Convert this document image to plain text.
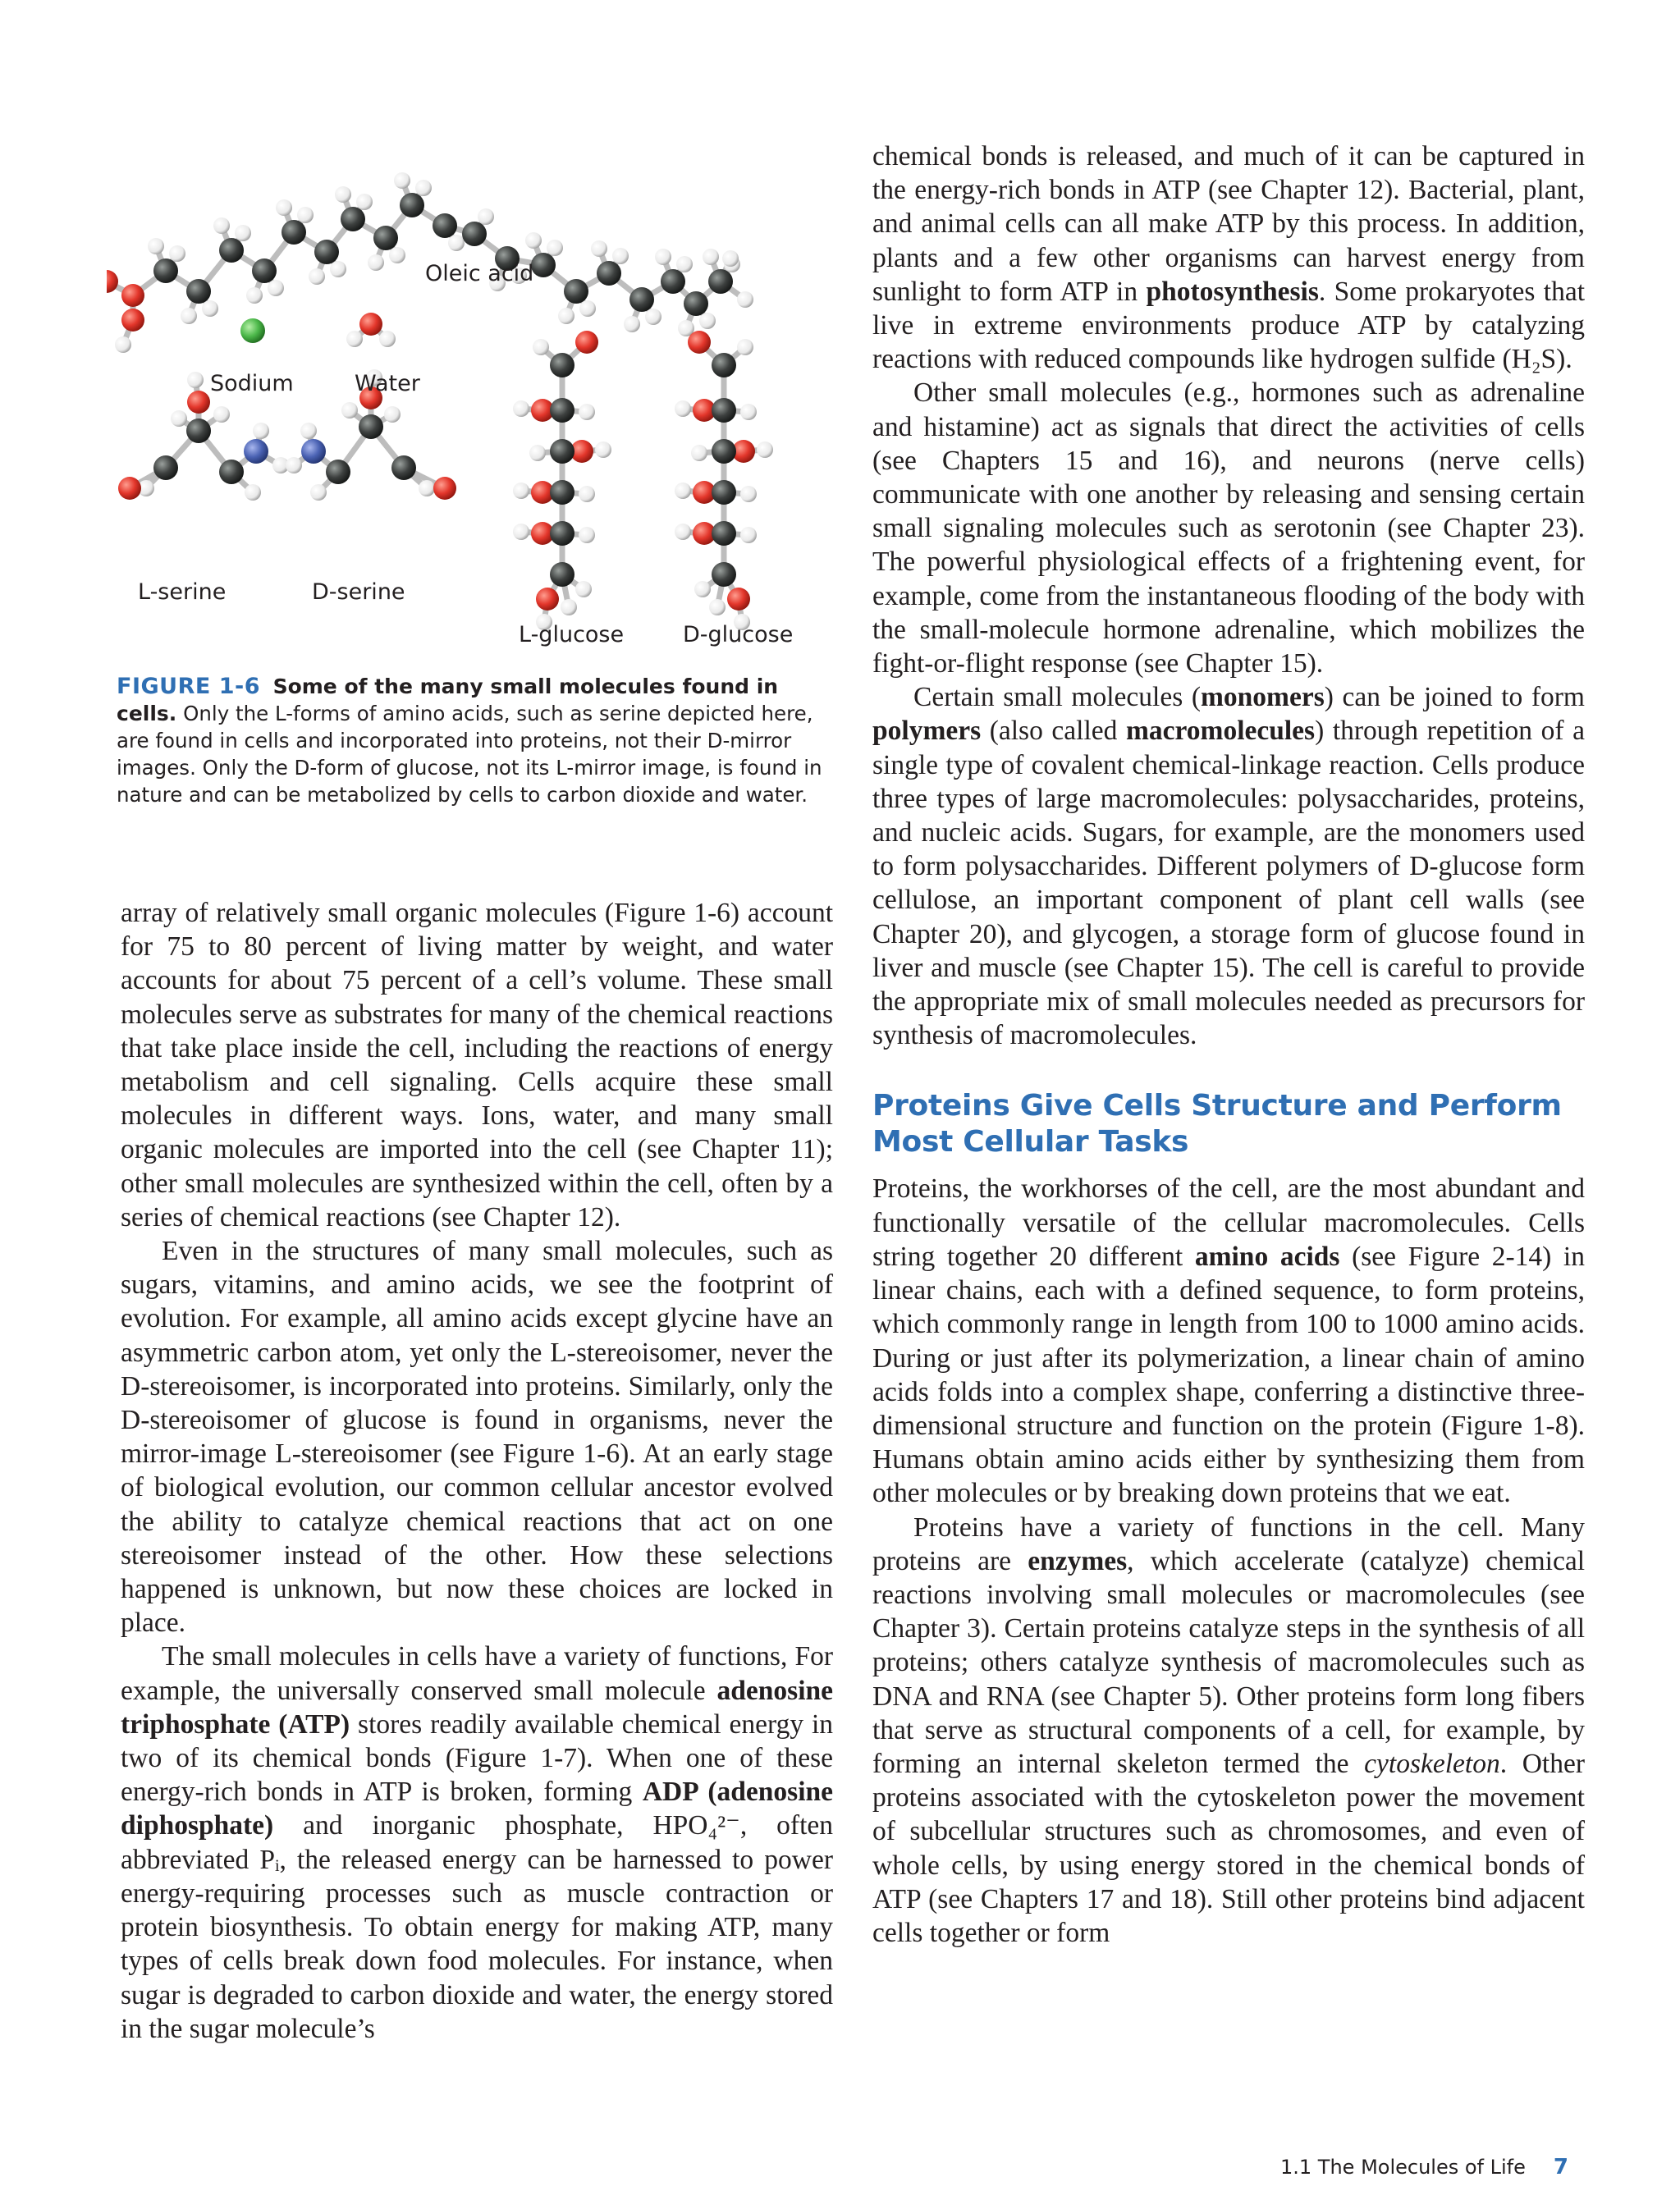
Oleic acid
Sodium	Water
L-serine	D-serine
L-glucose	D-glucose
FIGURE 1-6 Some of the many small molecules found in cells. Only the L-forms of amino acids, such as serine depicted here, are found in cells and incorporated into proteins, not their D-mirror images. Only the D-form of glucose, not its L-mirror image, is found in nature and can be metabolized by cells to carbon dioxide and water.

array of relatively small organic molecules (Figure 1-6) account for 75 to 80 percent of living matter by weight, and water accounts for about 75 percent of a cell’s volume. These small molecules serve as substrates for many of the chemical reactions that take place inside the cell, including the reactions of energy metabolism and cell signaling. Cells acquire these small molecules in different ways. Ions, water, and many small organic molecules are imported into the cell (see Chapter 11); other small molecules are synthesized within the cell, often by a series of chemical reactions (see Chapter 12).

Even in the structures of many small molecules, such as sugars, vitamins, and amino acids, we see the footprint of evolution. For example, all amino acids except glycine have an asymmetric carbon atom, yet only the L-stereoisomer, never the D-stereoisomer, is incorporated into proteins. Similarly, only the D-stereoisomer of glucose is found in organisms, never the mirror-image L-stereoisomer (see Figure 1-6). At an early stage of biological evolution, our common cellular ancestor evolved the ability to catalyze chemical reactions that act on one stereoisomer instead of the other. How these selections happened is unknown, but now these choices are locked in place.

The small molecules in cells have a variety of functions, For example, the universally conserved small molecule adenosine triphosphate (ATP) stores readily available chemical energy in two of its chemical bonds (Figure 1-7). When one of these energy-rich bonds in ATP is broken, forming ADP (adenosine diphosphate) and inorganic phosphate, HPO₄²⁻, often abbreviated Pᵢ, the released energy can be harnessed to power energy-requiring processes such as muscle contraction or protein biosynthesis. To obtain energy for making ATP, many types of cells break down food molecules. For instance, when sugar is degraded to carbon dioxide and water, the energy stored in the sugar molecule’s

chemical bonds is released, and much of it can be captured in the energy-rich bonds in ATP (see Chapter 12). Bacterial, plant, and animal cells can all make ATP by this process. In addition, plants and a few other organisms can harvest energy from sunlight to form ATP in photosynthesis. Some prokaryotes that live in extreme environments produce ATP by catalyzing reactions with reduced compounds like hydrogen sulfide (H₂S).

Other small molecules (e.g., hormones such as adrenaline and histamine) act as signals that direct the activities of cells (see Chapters 15 and 16), and neurons (nerve cells) communicate with one another by releasing and sensing certain small signaling molecules such as serotonin (see Chapter 23). The powerful physiological effects of a frightening event, for example, come from the instantaneous flooding of the body with the small-molecule hormone adrenaline, which mobilizes the fight-or-flight response (see Chapter 15).

Certain small molecules (monomers) can be joined to form polymers (also called macromolecules) through repetition of a single type of covalent chemical-linkage reaction. Cells produce three types of large macromolecules: polysaccharides, proteins, and nucleic acids. Sugars, for example, are the monomers used to form polysaccharides. Different polymers of D-glucose form cellulose, an important component of plant cell walls (see Chapter 20), and glycogen, a storage form of glucose found in liver and muscle (see Chapter 15). The cell is careful to provide the appropriate mix of small molecules needed as precursors for synthesis of macromolecules.

Proteins Give Cells Structure and Perform Most Cellular Tasks

Proteins, the workhorses of the cell, are the most abundant and functionally versatile of the cellular macromolecules. Cells string together 20 different amino acids (see Figure 2-14) in linear chains, each with a defined sequence, to form proteins, which commonly range in length from 100 to 1000 amino acids. During or just after its polymerization, a linear chain of amino acids folds into a complex shape, conferring a distinctive three-dimensional structure and function on the protein (Figure 1-8). Humans obtain amino acids either by synthesizing them from other molecules or by breaking down proteins that we eat.

Proteins have a variety of functions in the cell. Many proteins are enzymes, which accelerate (catalyze) chemical reactions involving small molecules or macromolecules (see Chapter 3). Certain proteins catalyze steps in the synthesis of all proteins; others catalyze synthesis of macromolecules such as DNA and RNA (see Chapter 5). Other proteins form long fibers that serve as structural components of a cell, for example, by forming an internal skeleton termed the cytoskeleton. Other proteins associated with the cytoskeleton power the movement of subcellular structures such as chromosomes, and even of whole cells, by using energy stored in the chemical bonds of ATP (see Chapters 17 and 18). Still other proteins bind adjacent cells together or form

1.1 The Molecules of Life 7
